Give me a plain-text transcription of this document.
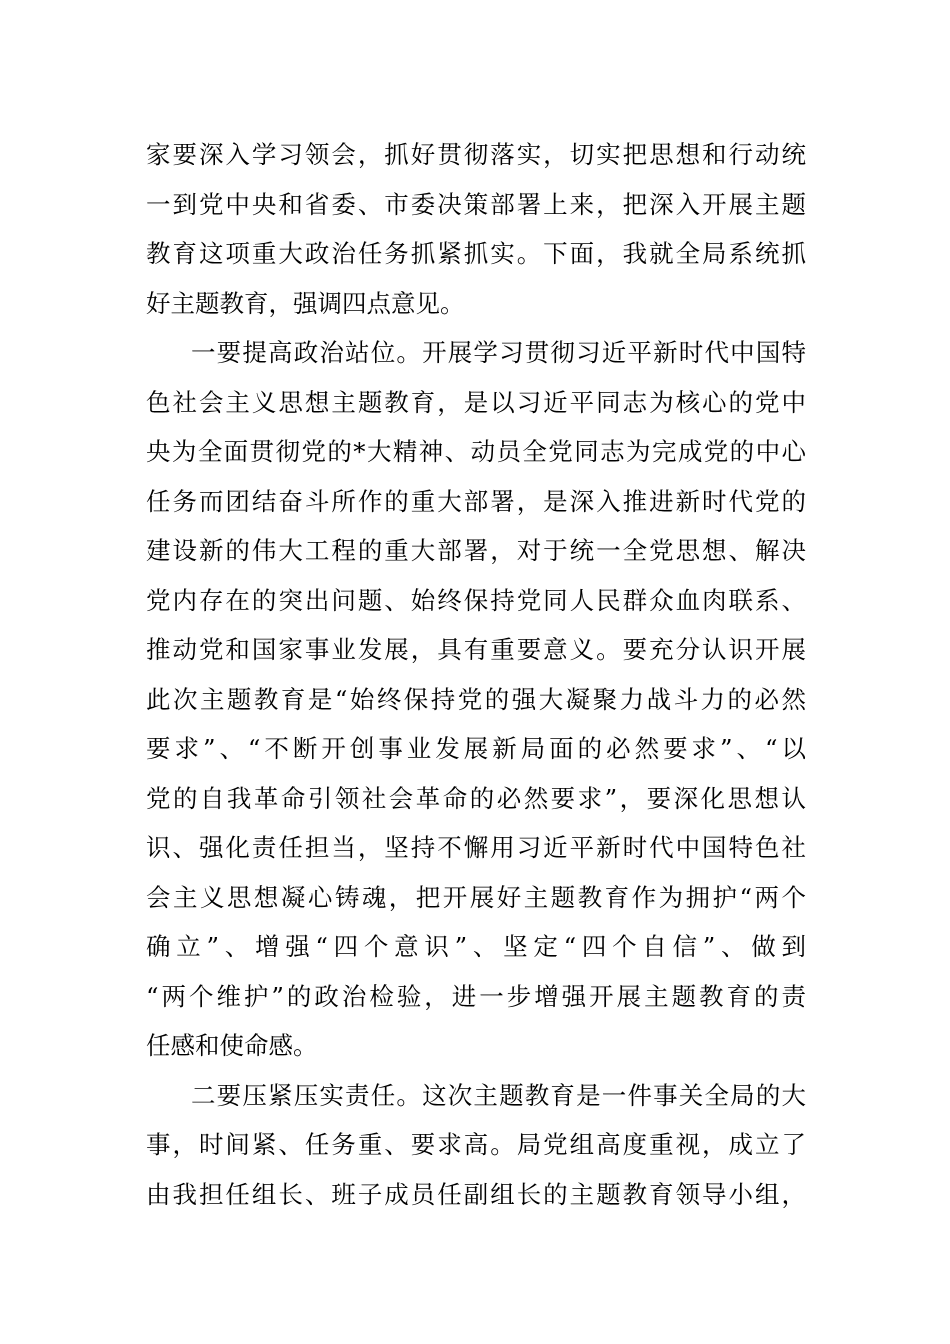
家要深入学习领会，抓好贯彻落实，切实把思想和行动统
一到党中央和省委、市委决策部署上来，把深入开展主题
教育这项重大政治任务抓紧抓实。下面，我就全局系统抓
好主题教育，强调四点意见。
一要提高政治站位。开展学习贯彻习近平新时代中国特
色社会主义思想主题教育，是以习近平同志为核心的党中
央为全面贯彻党的*大精神、动员全党同志为完成党的中心
任务而团结奋斗所作的重大部署，是深入推进新时代党的
建设新的伟大工程的重大部署，对于统一全党思想、解决
党内存在的突出问题、始终保持党同人民群众血肉联系、
推动党和国家事业发展，具有重要意义。要充分认识开展
此次主题教育是“始终保持党的强大凝聚力战斗力的必然
要求”、“不断开创事业发展新局面的必然要求”、“以
党的自我革命引领社会革命的必然要求”，要深化思想认
识、强化责任担当，坚持不懈用习近平新时代中国特色社
会主义思想凝心铸魂，把开展好主题教育作为拥护“两个
确立”、增强“四个意识”、坚定“四个自信”、做到
“两个维护”的政治检验，进一步增强开展主题教育的责
任感和使命感。
二要压紧压实责任。这次主题教育是一件事关全局的大
事，时间紧、任务重、要求高。局党组高度重视，成立了
由我担任组长、班子成员任副组长的主题教育领导小组，
